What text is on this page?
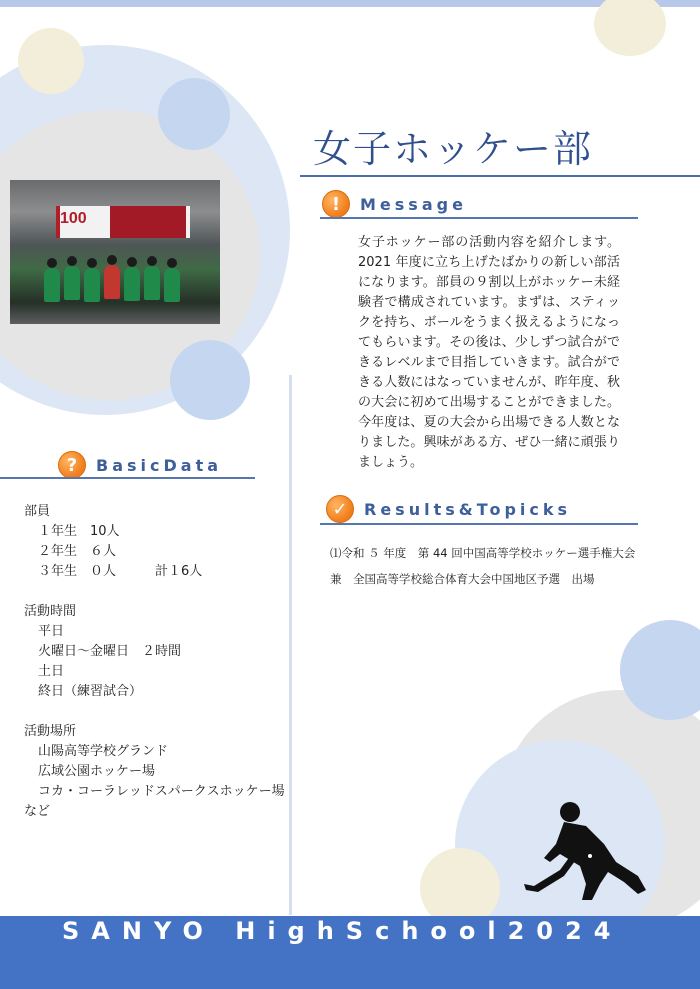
女子ホッケー部
100
!	Message
女子ホッケー部の活動内容を紹介します。2021 年度に立ち上げたばかりの新しい部活になります。部員の９割以上がホッケー未経験者で構成されています。まずは、スティックを持ち、ボールをうまく扱えるようになってもらいます。その後は、少しずつ試合ができるレベルまで目指していきます。試合ができる人数にはなっていませんが、昨年度、秋の大会に初めて出場することができました。今年度は、夏の大会から出場できる人数となりました。興味がある方、ぜひ一緒に頑張りましょう。
✓	Results&Topicks
⑴令和 ５ 年度　第 44 回中国高等学校ホッケー選手権大会
兼　全国高等学校総合体育大会中国地区予選　出場
?	BasicData
部員
１年生　10人
２年生　６人
３年生　０人　　　計１6人
活動時間
平日
火曜日～金曜日　２時間
土日
終日（練習試合）
活動場所
山陽高等学校グランド
広域公園ホッケー場
コカ・コーラレッドスパークスホッケー場
など
SANYO HighSchool2024
